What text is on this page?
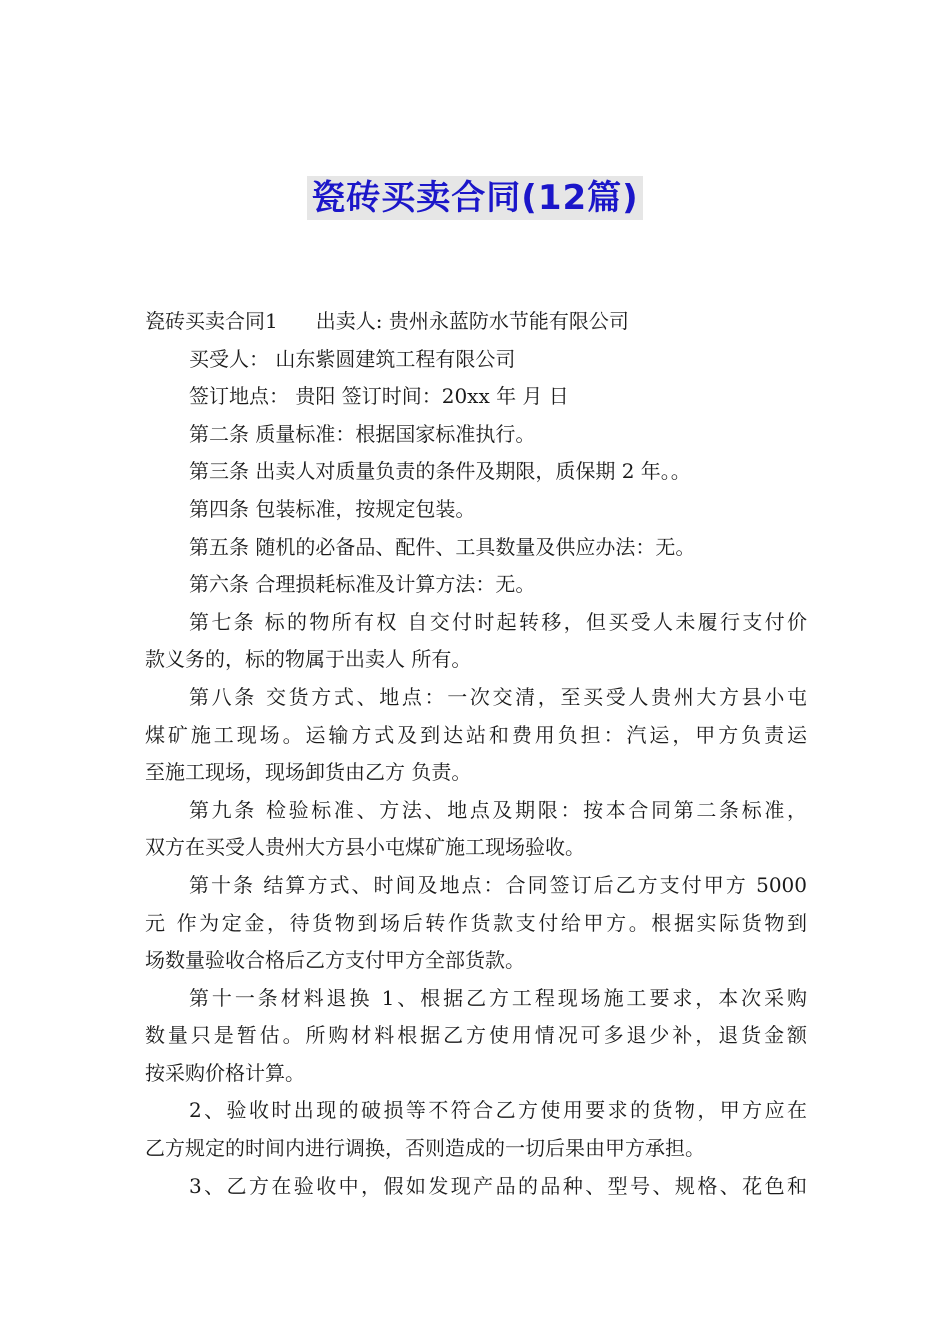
瓷砖买卖合同(12篇)
瓷砖买卖合同1 出卖人: 贵州永蓝防水节能有限公司
买受人： 山东紫圆建筑工程有限公司
签订地点： 贵阳 签订时间：20xx 年 月 日
第二条 质量标准：根据国家标准执行。
第三条 出卖人对质量负责的条件及期限，质保期 2 年。。
第四条 包装标准，按规定包装。
第五条 随机的必备品、配件、工具数量及供应办法：无。
第六条 合理损耗标准及计算方法：无。
第七条 标的物所有权 自交付时起转移，但买受人未履行支付价
款义务的，标的物属于出卖人 所有。
第八条 交货方式、地点：一次交清，至买受人贵州大方县小屯
煤矿施工现场。运输方式及到达站和费用负担：汽运，甲方负责运
至施工现场，现场卸货由乙方 负责。
第九条 检验标准、方法、地点及期限：按本合同第二条标准，
双方在买受人贵州大方县小屯煤矿施工现场验收。
第十条 结算方式、时间及地点：合同签订后乙方支付甲方 5000
元 作为定金，待货物到场后转作货款支付给甲方。根据实际货物到
场数量验收合格后乙方支付甲方全部货款。
第十一条材料退换 1、根据乙方工程现场施工要求，本次采购
数量只是暂估。所购材料根据乙方使用情况可多退少补，退货金额
按采购价格计算。
2、验收时出现的破损等不符合乙方使用要求的货物，甲方应在
乙方规定的时间内进行调换，否则造成的一切后果由甲方承担。
3、乙方在验收中，假如发现产品的品种、型号、规格、花色和
